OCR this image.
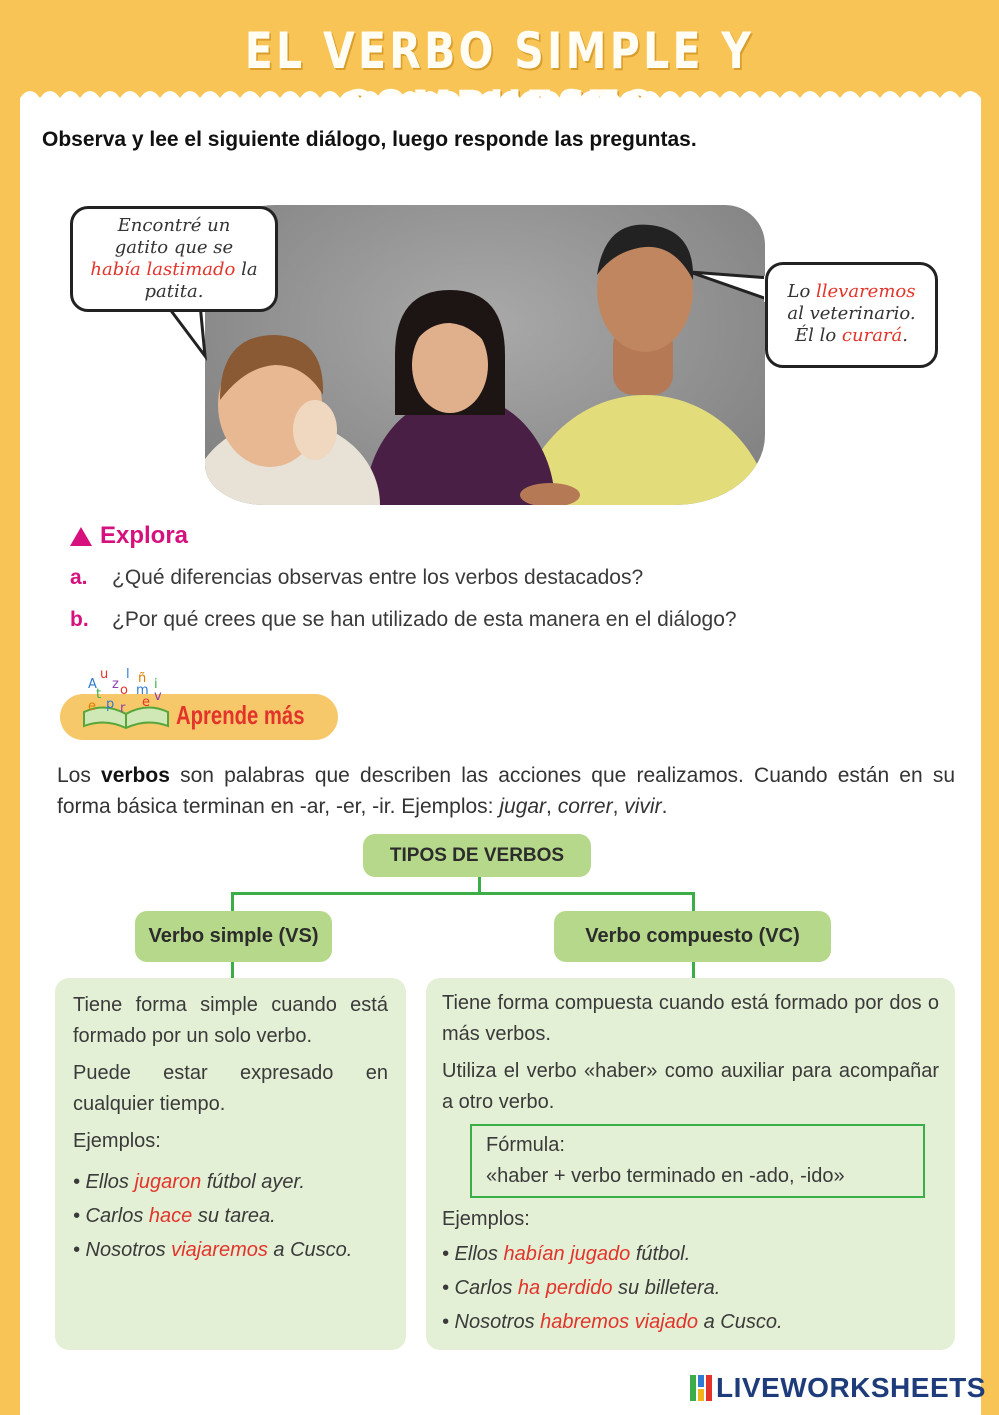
EL VERBO SIMPLE Y
Observa y lee el siguiente diálogo, luego responde las preguntas.
Encontré un
gatito que se
había lastimado la
patita.	Lo llevaremos
al veterinario.
Él lo curará.
Explora
a. ¿Qué diferencias observas entre los verbos destacados?
b. ¿Por qué crees que se han utilizado de esta manera en el diálogo?
A
u
z
l ñ i
t o m v
e p r e Aprende más
Los verbos son palabras que describen las acciones que realizamos. Cuando están en su forma básica terminan en -ar, -er, -ir. Ejemplos: jugar, correr, vivir.
TIPOS DE VERBOS
Verbo simple (VS)	Verbo compuesto (VC)

Tiene forma simple cuando está formado por un solo verbo.

Puede estar expresado en cualquier tiempo.

Ejemplos:

• Ellos jugaron fútbol ayer.
• Carlos hace su tarea.
• Nosotros viajaremos a Cusco.

Tiene forma compuesta cuando está formado por dos o más verbos.

Utiliza el verbo «haber» como auxiliar para acompañar a otro verbo.

Fórmula:
«haber + verbo terminado en -ado, -ido»

Ejemplos:

• Ellos habían jugado fútbol.
• Carlos ha perdido su billetera.
• Nosotros habremos viajado a Cusco.
LIVEWORKSHEETS
